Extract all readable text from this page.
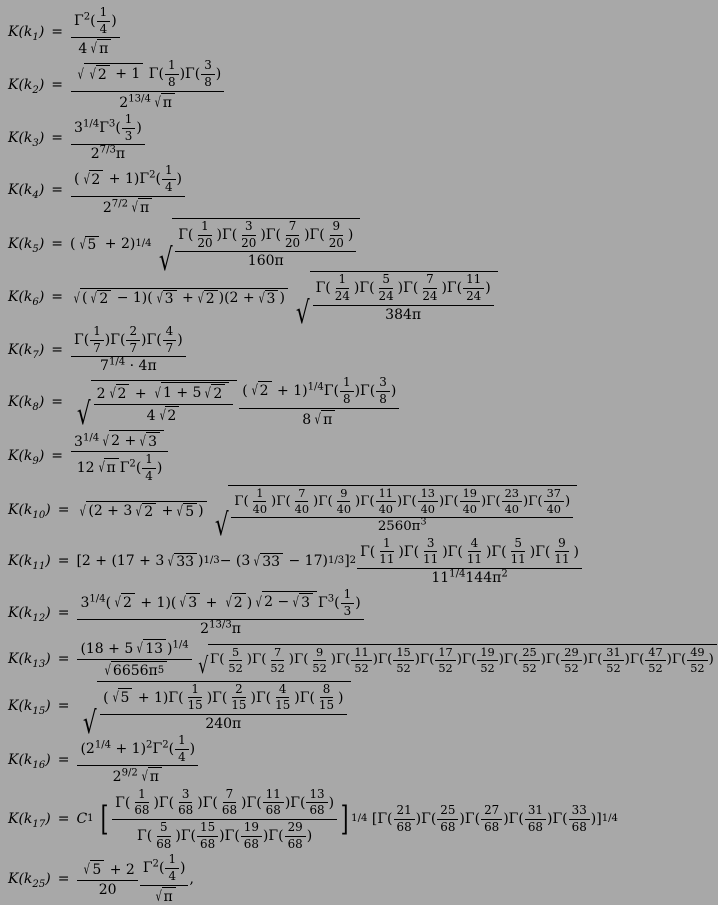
$K(k_1) = \frac{\Gamma^2( \frac{1}{4} )}{4 √ \pi}$
$K(k_2) = \frac{√ √ 2 + 1 \Gamma( \frac{1}{8} )\Gamma( \frac{3}{8} )}{2^{13/4} √ \pi}$
$K(k_3) = \frac{3^{1/4}\Gamma^3( \frac{1}{3} )}{2^{7/3}\pi}$
$K(k_4) = \frac{( √ 2 + 1)\Gamma^2( \frac{1}{4} )}{2^{7/2} √ \pi}$
$K(k_5)$ = ( √ 5 + 2) 1/4 √ $\frac{\Gamma( \frac{1}{20} )\Gamma( \frac{3}{20} )\Gamma( \frac{7}{20} )\Gamma( \frac{9}{20} )}{160\pi}$
$K(k_6)$ = √ ( √ 2 − 1)( √ 3 + √ 2 )(2 + √ 3 ) √ $\frac{\Gamma( \frac{1}{24} )\Gamma( \frac{5}{24} )\Gamma( \frac{7}{24} )\Gamma( \frac{11}{24} )}{384\pi}$
$K(k_7) = \frac{\Gamma( \frac{1}{7} )\Gamma( \frac{2}{7} )\Gamma( \frac{4}{7} )}{7^{1/4} \cdot 4\pi}$
$K(k_8)$ = √ $\frac{2 √ 2 + √ 1 + 5 √ 2}{4 √ 2} \frac{( √ 2 + 1)^{1/4}\Gamma( \frac{1}{8} )\Gamma( \frac{3}{8} )}{8 √ \pi}$
$K(k_9) = \frac{3^{1/4} √ 2 + √ 3}{12 √ \pi \Gamma^2( \frac{1}{4} )}$
$K(k_{10})$ = √ (2 + 3 √ 2 + √ 5 ) √ $\frac{\Gamma( \frac{1}{40} )\Gamma( \frac{7}{40} )\Gamma( \frac{9}{40} )\Gamma( \frac{11}{40} )\Gamma( \frac{13}{40} )\Gamma( \frac{19}{40} )\Gamma( \frac{23}{40} )\Gamma( \frac{37}{40} )}{2560\pi^3}$
$K(k_{11}) = [2 + (17 + 3$ √ 33 ) 1/3 − (3 √ 33 − 17) 1/3 ] $2 \frac{\Gamma( \frac{1}{11} )\Gamma( \frac{3}{11} )\Gamma( \frac{4}{11} )\Gamma( \frac{5}{11} )\Gamma( \frac{9}{11} )}{11^{1/4}144\pi^2}$
$K(k_{12}) = \frac{3^{1/4}( √ 2 + 1)( √ 3 + √ 2 ) √ 2 - √ 3 \Gamma^3( \frac{1}{3} )}{2^{13/3}\pi}$
$K(k_{13}) = \frac{(18 + 5 √ 13 )^{1/4}}{√ 6656\pi 5}$ √ $\Gamma( \frac{5}{52} )\Gamma( \frac{7}{52} )\Gamma( \frac{9}{52} )\Gamma( \frac{11}{52} )\Gamma( \frac{15}{52} )\Gamma( \frac{17}{52} )\Gamma( \frac{19}{52} )\Gamma( \frac{25}{52} )\Gamma( \frac{29}{52} )\Gamma( \frac{31}{52} )\Gamma( \frac{47}{52} )\Gamma( \frac{49}{52}$ )
$K(k_{15})$ = √ $\frac{( √ 5 + 1)\Gamma( \frac{1}{15} )\Gamma( \frac{2}{15} )\Gamma( \frac{4}{15} )\Gamma( \frac{8}{15} )}{240\pi}$
$K(k_{16}) = \frac{(2^{1/4} + 1)^2\Gamma^2( \frac{1}{4} )}{2^{9/2} √ \pi}$
$K(k_{17}) = C$ 1
[ $\frac{\Gamma( \frac{1}{68} )\Gamma( \frac{3}{68} )\Gamma( \frac{7}{68} )\Gamma( \frac{11}{68} )\Gamma( \frac{13}{68} )}{\Gamma( \frac{5}{68} )\Gamma( \frac{15}{68} )\Gamma( \frac{19}{68} )\Gamma( \frac{29}{68} )}$ ] 1/4 [$\Gamma( \frac{21}{68} )\Gamma( \frac{25}{68} )\Gamma( \frac{27}{68} )\Gamma( \frac{31}{68} )\Gamma( \frac{33}{68}$ )] 1/4
$K(k_{25}) = \frac{√ 5 + 2}{20} \frac{\Gamma^2( \frac{1}{4} )}{√ \pi}$ ,
